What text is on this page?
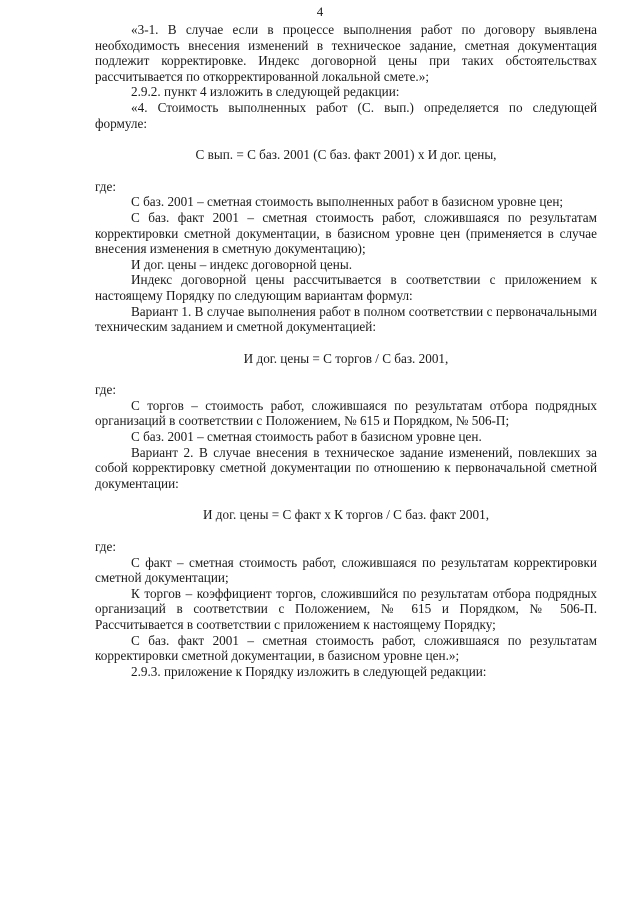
4

«3-1. В случае если в процессе выполнения работ по договору выявлена необходимость внесения изменений в техническое задание, сметная документация подлежит корректировке. Индекс договорной цены при таких обстоятельствах рассчитывается по откорректированной локальной смете.»;

2.9.2. пункт 4 изложить в следующей редакции:

«4. Стоимость выполненных работ (С. вып.) определяется по следующей формуле:

С вып. = С баз. 2001 (С баз. факт 2001) х И дог. цены,

где:

С баз. 2001 – сметная стоимость выполненных работ в базисном уровне цен;

С баз. факт 2001 – сметная стоимость работ, сложившаяся по результатам корректировки сметной документации, в базисном уровне цен (применяется в случае внесения изменения в сметную документацию);

И дог. цены – индекс договорной цены.

Индекс договорной цены рассчитывается в соответствии с приложением к настоящему Порядку по следующим вариантам формул:

Вариант 1. В случае выполнения работ в полном соответствии с первоначальными техническим заданием и сметной документацией:

И дог. цены = С торгов / С баз. 2001,

где:

С торгов – стоимость работ, сложившаяся по результатам отбора подрядных организаций в соответствии с Положением, № 615 и Порядком, № 506-П;

С баз. 2001 – сметная стоимость работ в базисном уровне цен.

Вариант 2. В случае внесения в техническое задание изменений, повлекших за собой корректировку сметной документации по отношению к первоначальной сметной документации:

И дог. цены = С факт х К торгов / С баз. факт 2001,

где:

С факт – сметная стоимость работ, сложившаяся по результатам корректировки сметной документации;

К торгов – коэффициент торгов, сложившийся по результатам отбора подрядных организаций в соответствии с Положением, № 615 и Порядком, № 506-П. Рассчитывается в соответствии с приложением к настоящему Порядку;

С баз. факт 2001 – сметная стоимость работ, сложившаяся по результатам корректировки сметной документации, в базисном уровне цен.»;

2.9.3. приложение к Порядку изложить в следующей редакции:
